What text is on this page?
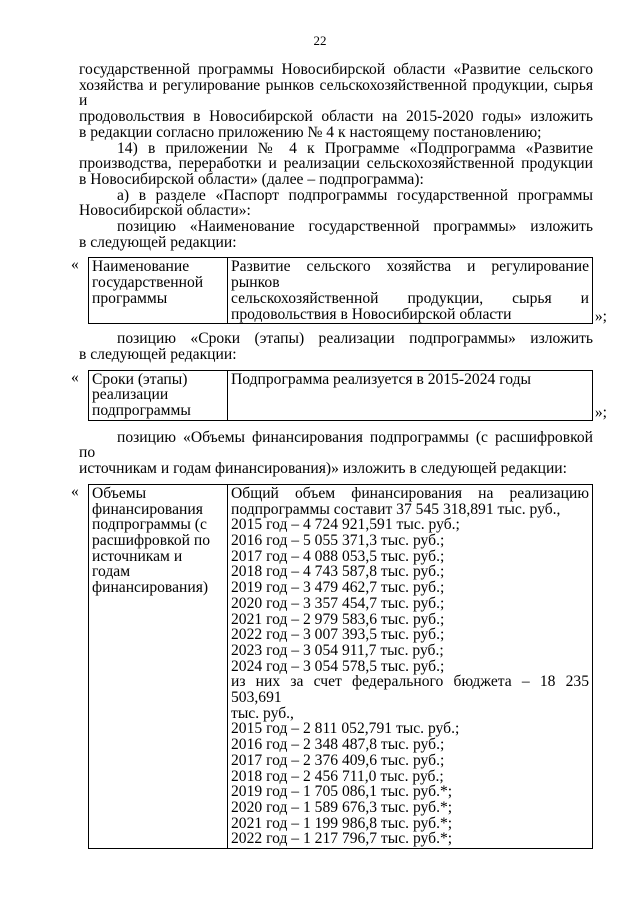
22
государственной программы Новосибирской области «Развитие сельского
хозяйства и регулирование рынков сельскохозяйственной продукции, сырья и
продовольствия в Новосибирской области на 2015-2020 годы» изложить
в редакции согласно приложению № 4 к настоящему постановлению;
14) в приложении № 4 к Программе «Подпрограмма «Развитие
производства, переработки и реализации сельскохозяйственной продукции
в Новосибирской области» (далее – подпрограмма):
а) в разделе «Паспорт подпрограммы государственной программы
Новосибирской области»:
позицию «Наименование государственной программы» изложить
в следующей редакции:
« Наименование
государственной
программы

Развитие сельского хозяйства и регулирование рынков
сельскохозяйственной продукции, сырья и
продовольствия в Новосибирской области	»;
позицию «Сроки (этапы) реализации подпрограммы» изложить
в следующей редакции:
« Сроки (этапы)
реализации
подпрограммы

Подпрограмма реализуется в 2015-2024 годы
»;
позицию «Объемы финансирования подпрограммы (с расшифровкой по
источникам и годам финансирования)» изложить в следующей редакции:
« Объемы
финансирования
подпрограммы (с
расшифровкой по
источникам и
годам
финансирования)

Общий объем финансирования на реализацию
подпрограммы составит 37 545 318,891 тыс. руб.,
2015 год – 4 724 921,591 тыс. руб.;
2016 год – 5 055 371,3 тыс. руб.;
2017 год – 4 088 053,5 тыс. руб.;
2018 год – 4 743 587,8 тыс. руб.;
2019 год – 3 479 462,7 тыс. руб.;
2020 год – 3 357 454,7 тыс. руб.;
2021 год – 2 979 583,6 тыс. руб.;
2022 год – 3 007 393,5 тыс. руб.;
2023 год – 3 054 911,7 тыс. руб.;
2024 год – 3 054 578,5 тыс. руб.;
из них за счет федерального бюджета – 18 235 503,691
тыс. руб.,
2015 год – 2 811 052,791 тыс. руб.;
2016 год – 2 348 487,8 тыс. руб.;
2017 год – 2 376 409,6 тыс. руб.;
2018 год – 2 456 711,0 тыс. руб.;
2019 год – 1 705 086,1 тыс. руб.*;
2020 год – 1 589 676,3 тыс. руб.*;
2021 год – 1 199 986,8 тыс. руб.*;
2022 год – 1 217 796,7 тыс. руб.*;
